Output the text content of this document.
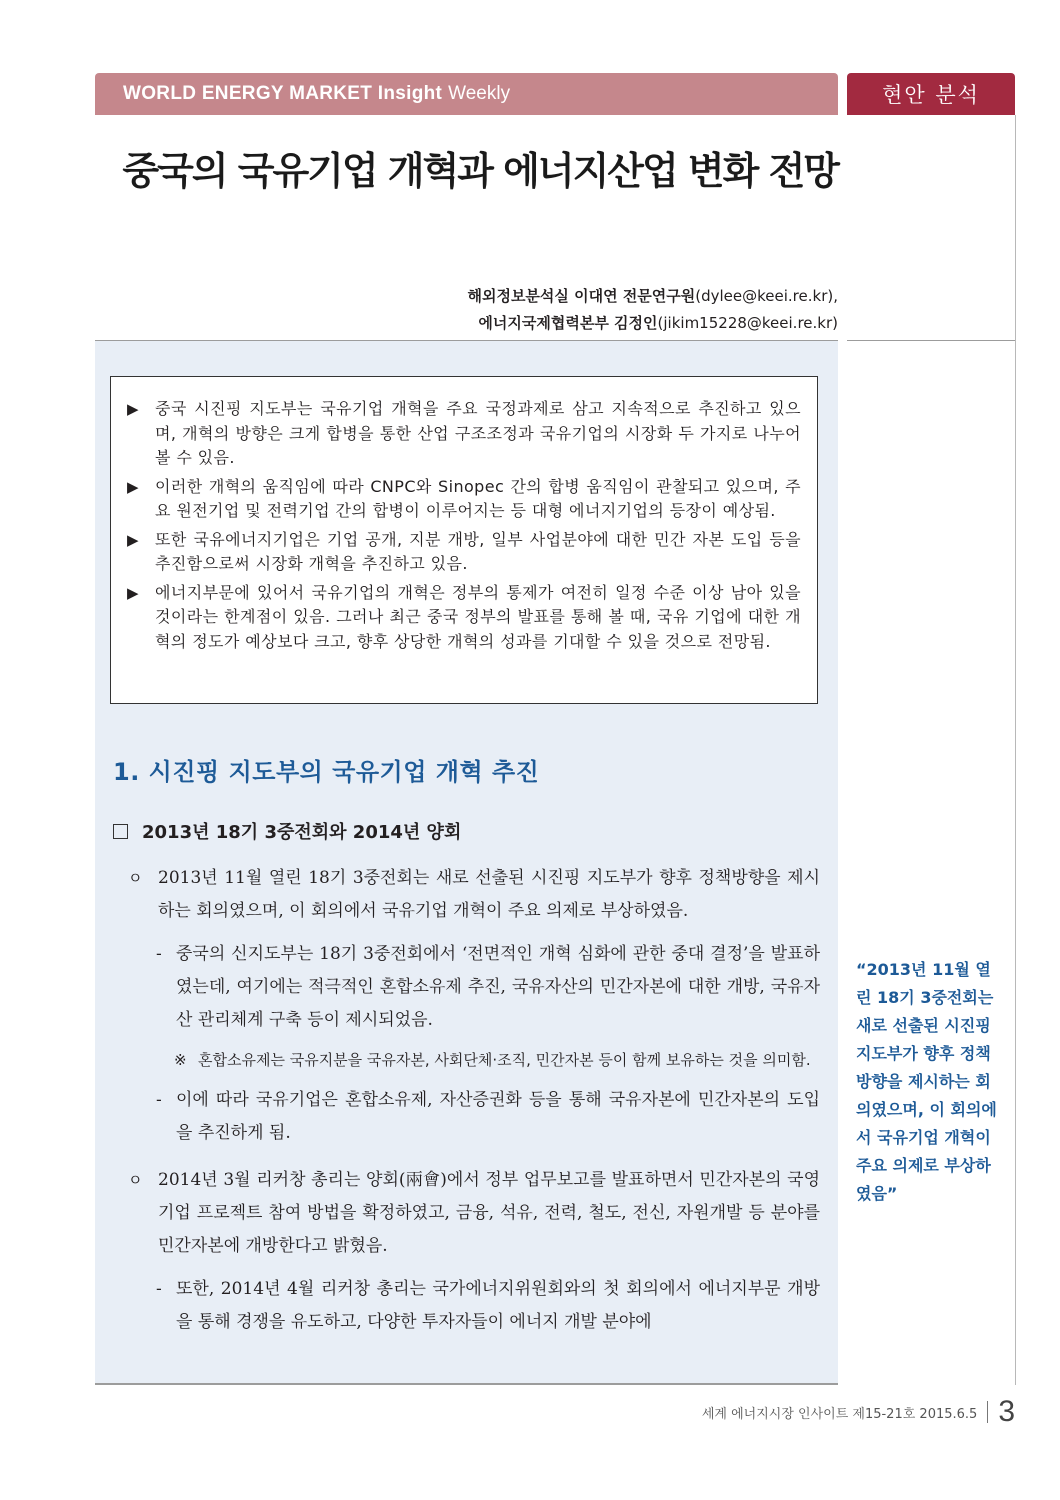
WORLD ENERGY MARKET Insight Weekly	현안 분석
중국의 국유기업 개혁과 에너지산업 변화 전망
해외정보분석실 이대연 전문연구원(dylee@keei.re.kr),
에너지국제협력본부 김정인(jikim15228@keei.re.kr)
▶	중국 시진핑 지도부는 국유기업 개혁을 주요 국정과제로 삼고 지속적으로 추진하고 있으며, 개혁의 방향은 크게 합병을 통한 산업 구조조정과 국유기업의 시장화 두 가지로 나누어 볼 수 있음.
▶	이러한 개혁의 움직임에 따라 CNPC와 Sinopec 간의 합병 움직임이 관찰되고 있으며, 주요 원전기업 및 전력기업 간의 합병이 이루어지는 등 대형 에너지기업의 등장이 예상됨.
▶	또한 국유에너지기업은 기업 공개, 지분 개방, 일부 사업분야에 대한 민간 자본 도입 등을 추진함으로써 시장화 개혁을 추진하고 있음.
▶	에너지부문에 있어서 국유기업의 개혁은 정부의 통제가 여전히 일정 수준 이상 남아 있을 것이라는 한계점이 있음. 그러나 최근 중국 정부의 발표를 통해 볼 때, 국유 기업에 대한 개혁의 정도가 예상보다 크고, 향후 상당한 개혁의 성과를 기대할 수 있을 것으로 전망됨.
1. 시진핑 지도부의 국유기업 개혁 추진
2013년 18기 3중전회와 2014년 양회
ㅇ 2013년 11월 열린 18기 3중전회는 새로 선출된 시진핑 지도부가 향후 정책방향을 제시하는 회의였으며, 이 회의에서 국유기업 개혁이 주요 의제로 부상하였음.
- 중국의 신지도부는 18기 3중전회에서 ‘전면적인 개혁 심화에 관한 중대 결정’을 발표하였는데, 여기에는 적극적인 혼합소유제 추진, 국유자산의 민간자본에 대한 개방, 국유자산 관리체계 구축 등이 제시되었음.
※ 혼합소유제는 국유지분을 국유자본, 사회단체·조직, 민간자본 등이 함께 보유하는 것을 의미함.
- 이에 따라 국유기업은 혼합소유제, 자산증권화 등을 통해 국유자본에 민간자본의 도입을 추진하게 됨.
ㅇ 2014년 3월 리커창 총리는 양회(兩會)에서 정부 업무보고를 발표하면서 민간자본의 국영기업 프로젝트 참여 방법을 확정하였고, 금융, 석유, 전력, 철도, 전신, 자원개발 등 분야를 민간자본에 개방한다고 밝혔음.
- 또한, 2014년 4월 리커창 총리는 국가에너지위원회와의 첫 회의에서 에너지부문 개방을 통해 경쟁을 유도하고, 다양한 투자자들이 에너지 개발 분야에
“2013년 11월 열린 18기 3중전회는 새로 선출된 시진핑 지도부가 향후 정책방향을 제시하는 회의였으며, 이 회의에서 국유기업 개혁이 주요 의제로 부상하였음”
세계 에너지시장 인사이트 제15-21호 2015.6.5 3
